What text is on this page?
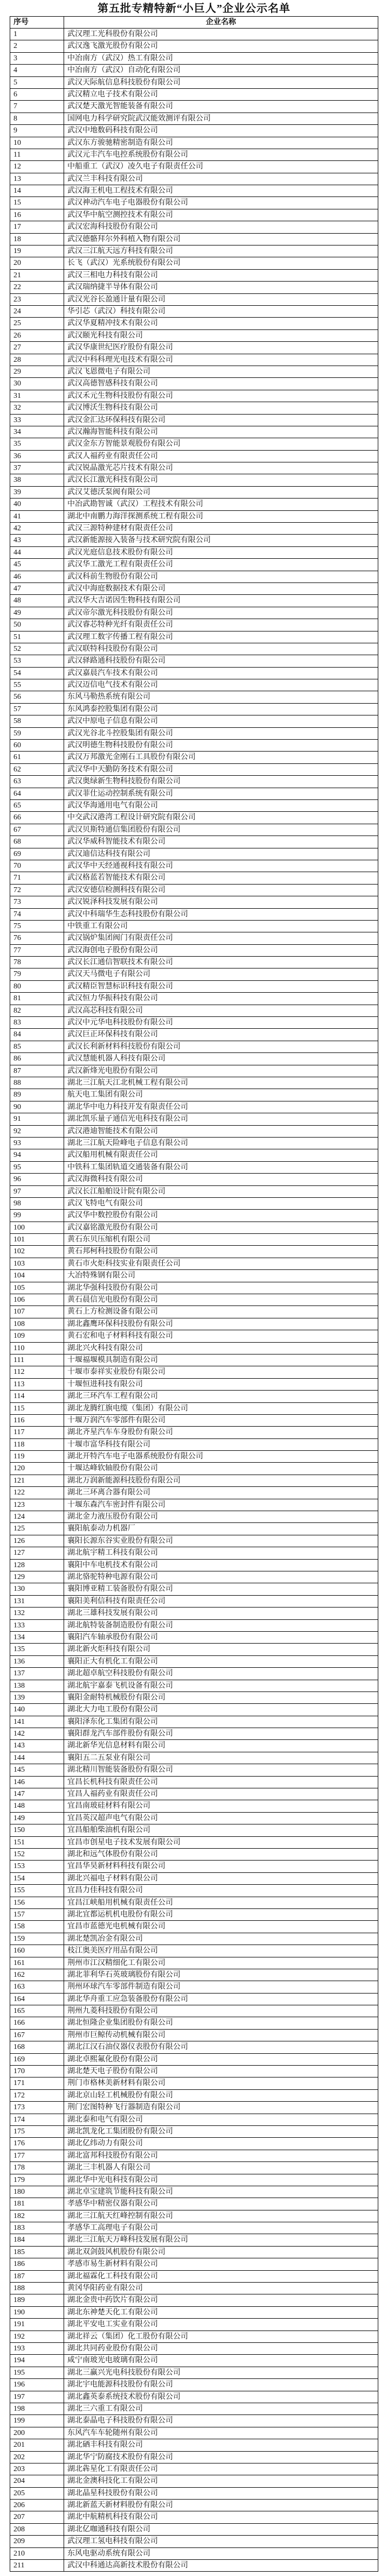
第五批专精特新“小巨人”企业公示名单
序号	企业名称
1	武汉理工光科股份有限公司
2	武汉逸飞激光股份有限公司
3	中冶南方（武汉）热工有限公司
4	中冶南方（武汉）自动化有限公司
5	武汉天际航信息科技股份有限公司
6	武汉精立电子技术有限公司
7	武汉楚天激光智能装备有限公司
8	国网电力科学研究院武汉能效测评有限公司
9	武汉中地数码科技有限公司
10	武汉东方骏驰精密制造有限公司
11	武汉元丰汽车电控系统股份有限公司
12	中船重工（武汉）凌久电子有限责任公司
13	武汉兰丰科技有限公司
14	武汉海王机电工程技术有限公司
15	武汉神动汽车电子电器股份有限公司
16	武汉华中航空测控技术有限公司
17	武汉宏海科技股份有限公司
18	武汉德骼拜尔外科植入物有限公司
19	武汉三江航天远方科技有限公司
20	长飞（武汉）光系统股份有限公司
21	武汉三相电力科技有限公司
22	武汉瑞纳捷半导体有限公司
23	武汉光谷长盈通计量有限公司
24	华引芯（武汉）科技有限公司
25	武汉华夏精冲技术有限公司
26	武汉颐光科技有限公司
27	武汉华康世纪医疗股份有限公司
28	武汉中科科理光电技术有限公司
29	武汉飞恩微电子有限公司
30	武汉高德智感科技有限公司
31	武汉禾元生物科技股份有限公司
32	武汉博沃生物科技有限公司
33	武汉金汇达环保科技有限公司
34	武汉瀚海智能科技有限公司
35	武汉金东方智能景观股份有限公司
36	武汉人福药业有限责任公司
37	武汉锐晶激光芯片技术有限公司
38	武汉长江激光科技有限公司
39	武汉艾德沃泵阀有限公司
40	中冶武勘智诚（武汉）工程技术有限公司
41	湖北中南鹏力海洋探测系统工程有限公司
42	武汉三源特种建材有限责任公司
43	武汉新能源接入装备与技术研究院有限公司
44	武汉光庭信息技术股份有限公司
45	武汉华工激光工程有限责任公司
46	武汉科前生物股份有限公司
47	武汉中海庭数据技术有限公司
48	武汉华大吉诺因生物科技有限公司
49	武汉帝尔激光科技股份有限公司
50	武汉睿芯特种光纤有限责任公司
51	武汉理工数字传播工程有限公司
52	武汉联特科技股份有限公司
53	武汉驿路通科技股份有限公司
54	武汉嘉晨汽车技术有限公司
55	武汉迈信电气技术有限公司
56	东风马勒热系统有限公司
57	东风鸿泰控股集团有限公司
58	武汉中原电子信息有限公司
59	武汉光谷北斗控股集团有限公司
60	武汉明德生物科技股份有限公司
61	武汉万邦激光金刚石工具股份有限公司
62	武汉华中天勤防务技术有限公司
63	武汉奥绿新生物科技股份有限公司
64	武汉菲仕运动控制系统有限公司
65	武汉华海通用电气有限公司
66	中交武汉港湾工程设计研究院有限公司
67	武汉贝斯特通信集团股份有限公司
68	武汉华威科智能技术有限公司
69	武汉迪信达科技有限公司
70	武汉华中天经通视科技有限公司
71	武汉格蓝若智能技术有限公司
72	武汉安德信检测科技有限公司
73	武汉锐泽科技发展有限公司
74	武汉中科瑞华生态科技股份有限公司
75	中铁重工有限公司
76	武汉锅炉集团阀门有限责任公司
77	武汉海创电子股份有限公司
78	武汉长江通信智联技术有限公司
79	武汉天马微电子有限公司
80	武汉精臣智慧标识科技有限公司
81	武汉恒力华振科技有限公司
82	武汉高芯科技有限公司
83	武汉中元华电科技股份有限公司
84	武汉巨正环保科技有限公司
85	武汉长利新材料科技股份有限公司
86	武汉慧能机器人科技有限公司
87	武汉新烽光电股份有限公司
88	湖北三江航天江北机械工程有限公司
89	航天电工集团有限公司
90	湖北华中电力科技开发有限责任公司
91	湖北凯乐量子通信光电科技有限公司
92	武汉港迪智能技术有限公司
93	湖北三江航天险峰电子信息有限公司
94	武汉船用机械有限责任公司
95	中铁科工集团轨道交通装备有限公司
96	武汉海微科技有限公司
97	武汉长江船舶设计院有限公司
98	武汉飞特电气有限公司
99	武汉华中数控股份有限公司
100	武汉嘉铭激光股份有限公司
101	黄石东贝压缩机有限公司
102	黄石邦柯科技股份有限公司
103	黄石市火炬科技实业有限责任公司
104	大冶特殊钢有限公司
105	湖北华强科技股份有限公司
106	黄石晨信光电股份有限公司
107	黄石上方检测设备有限公司
108	湖北鑫鹰环保科技股份有限公司
109	黄石宏和电子材料科技有限公司
110	湖北兴火科技有限公司
111	十堰福堰模具制造有限公司
112	十堰市泰祥实业股份有限公司
113	十堰恒进科技有限公司
114	湖北三环汽车工程有限公司
115	湖北龙腾红旗电缆（集团）有限公司
116	十堰万润汽车零部件有限公司
117	湖北齐星汽车车身股份有限公司
118	十堰市富华科技有限公司
119	湖北开特汽车电子电器系统股份有限公司
120	十堰达峰软轴股份有限公司
121	湖北万润新能源科技股份有限公司
122	湖北三环离合器有限公司
123	十堰东森汽车密封件有限公司
124	湖北金力液压股份有限公司
125	襄阳航泰动力机器厂
126	襄阳长源东谷实业股份有限公司
127	湖北航宇精工科技有限公司
128	襄阳中车电机技术有限公司
129	湖北骆驼特种电源有限公司
130	襄阳博亚精工装备股份有限公司
131	襄阳美利信科技有限责任公司
132	湖北三雄科技发展有限公司
133	湖北航特装备制造股份有限公司
134	襄阳汽车轴承股份有限公司
135	湖北新火炬科技有限公司
136	襄阳正大有机化工有限公司
137	湖北超卓航空科技股份有限公司
138	湖北航宇嘉泰飞机设备有限公司
139	襄阳金耐特机械股份有限公司
140	湖北大力电工股份有限公司
141	襄阳泽东化工集团有限公司
142	襄阳群龙汽车部件股份有限公司
143	湖北新华光信息材料有限公司
144	襄阳五二五泵业有限公司
145	湖北精川智能装备股份有限公司
146	宜昌长机科技有限责任公司
147	宜昌人福药业有限责任公司
148	宜昌南玻硅材料有限公司
149	宜昌英汉超声电气有限公司
150	宜昌船舶柴油机有限公司
151	宜昌市创星电子技术发展有限公司
152	湖北和远气体股份有限公司
153	宜昌华昊新材料科技有限公司
154	湖北兴福电子材料有限公司
155	宜昌力佳科技有限公司
156	宜昌江峡船用机械有限责任公司
157	湖北宜都运机机电股份有限公司
158	宜昌市蓝德光电机械有限公司
159	湖北楚凯冶金有限公司
160	枝江奥美医疗用品有限公司
161	荆州市江汉精细化工有限公司
162	湖北菲利华石英玻璃股份有限公司
163	荆州环球汽车零部件制造有限公司
164	湖北华舟重工应急装备股份有限公司
165	荆州九菱科技股份有限公司
166	湖北恒隆企业集团股份有限公司
167	荆州市巨鲸传动机械有限公司
168	湖北江汉石油仪器仪表股份有限公司
169	湖北卓熙氟化股份有限公司
170	湖北楚天电子股份有限公司
171	荆门市格林美新材料有限公司
172	湖北京山轻工机械股份有限公司
173	荆门宏图特种飞行器制造有限公司
174	湖北泰和电气有限公司
175	湖北凯龙化工集团股份有限公司
176	湖北亿纬动力有限公司
177	湖北富邦科技股份有限公司
178	湖北三丰机器人有限公司
179	湖北华中光电科技有限公司
180	湖北卓宝建筑节能科技有限公司
181	孝感华中精密仪器有限公司
182	湖北三江航天红峰控制有限公司
183	孝感华工高理电子有限公司
184	湖北三江航天万峰科技发展有限公司
185	湖北双剑鼓风机股份有限公司
186	孝感市易生新材料有限公司
187	湖北福霖化工科技有限公司
188	黄冈华阳药业有限公司
189	湖北金贵中药饮片有限公司
190	湖北东神楚天化工有限公司
191	湖北平安电工实业有限公司
192	湖北祥云（集团）化工股份有限公司
193	湖北共同药业股份有限公司
194	咸宁南玻光电玻璃有限公司
195	湖北三赢兴光电科技股份有限公司
196	湖北宇电能源科技股份有限公司
197	湖北鑫英泰系统技术股份有限公司
198	湖北三六重工有限公司
199	湖北泰晶电子科技股份有限公司
200	东风汽车车轮随州有限公司
201	湖北硒丰科技有限公司
202	湖北华宁防腐技术股份有限公司
203	湖北犇星化工有限责任公司
204	湖北金澳科技化工有限公司
205	湖北晶星科技股份有限公司
206	湖北新蓝天新材料股份有限公司
207	湖北中航精机科技有限公司
208	湖北亿咖通科技有限公司
209	武汉理工氢电科技有限公司
210	东风电驱动系统有限公司
211	武汉中科通达高新技术股份有限公司
